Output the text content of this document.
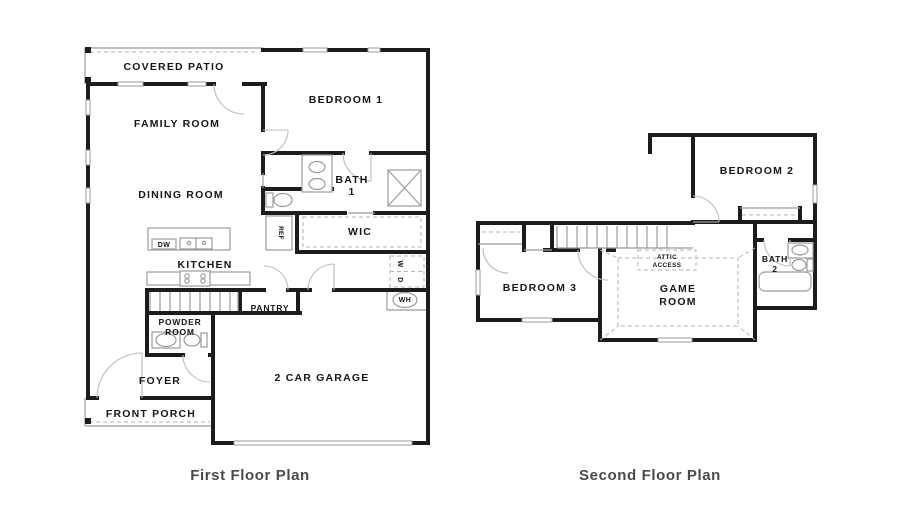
COVERED PATIO
FAMILY ROOM
BEDROOM 1
DINING ROOM
BATH
1
WIC
KITCHEN
DW
REF
PANTRY
POWDER
ROOM
FOYER
FRONT PORCH
2 CAR GARAGE
W
D
WH
BEDROOM 2
BATH
2
BEDROOM 3	GAME
ROOM
ATTIC
ACCESS
First Floor Plan	Second Floor Plan
